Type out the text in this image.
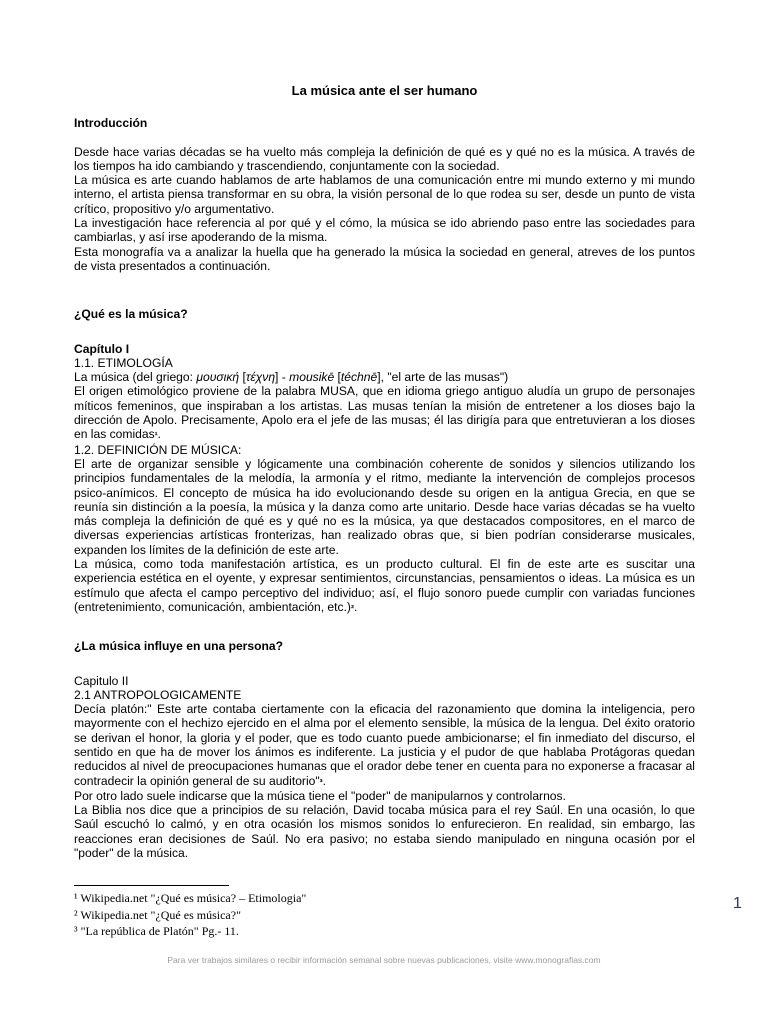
La música ante el ser humano

Introducción

Desde hace varias décadas se ha vuelto más compleja la definición de qué es y qué no es la música. A través de los tiempos ha ido cambiando y trascendiendo, conjuntamente con la sociedad.

La música es arte cuando hablamos de arte hablamos de una comunicación entre mi mundo externo y mi mundo interno, el artista piensa transformar en su obra, la visión personal de lo que rodea su ser, desde un punto de vista crítico, propositivo y/o argumentativo.

La investigación hace referencia al por qué y el cómo, la música se ido abriendo paso entre las sociedades para cambiarlas, y así irse apoderando de la misma.

Esta monografía va a analizar la huella que ha generado la música la sociedad en general, atreves de los puntos de vista presentados a continuación.

¿Qué es la música?

Capítulo I

1.1. ETIMOLOGÍA

La música (del griego: μουσική [τέχνη] - mousikē [téchnē], "el arte de las musas")

El origen etimológico proviene de la palabra MUSA, que en idioma griego antiguo aludía un grupo de personajes míticos femeninos, que inspiraban a los artistas. Las musas tenían la misión de entretener a los dioses bajo la dirección de Apolo. Precisamente, Apolo era el jefe de las musas; él las dirigía para que entretuvieran a los dioses en las comidas¹.

1.2. DEFINICIÓN DE MÚSICA:

El arte de organizar sensible y lógicamente una combinación coherente de sonidos y silencios utilizando los principios fundamentales de la melodía, la armonía y el ritmo, mediante la intervención de complejos procesos psico-anímicos. El concepto de música ha ido evolucionando desde su origen en la antigua Grecia, en que se reunía sin distinción a la poesía, la música y la danza como arte unitario. Desde hace varias décadas se ha vuelto más compleja la definición de qué es y qué no es la música, ya que destacados compositores, en el marco de diversas experiencias artísticas fronterizas, han realizado obras que, si bien podrían considerarse musicales, expanden los límites de la definición de este arte.

La música, como toda manifestación artística, es un producto cultural. El fin de este arte es suscitar una experiencia estética en el oyente, y expresar sentimientos, circunstancias, pensamientos o ideas. La música es un estímulo que afecta el campo perceptivo del individuo; así, el flujo sonoro puede cumplir con variadas funciones (entretenimiento, comunicación, ambientación, etc.)².

¿La música influye en una persona?

Capitulo II

2.1 ANTROPOLOGICAMENTE

Decía platón:" Este arte contaba ciertamente con la eficacia del razonamiento que domina la inteligencia, pero mayormente con el hechizo ejercido en el alma por el elemento sensible, la música de la lengua. Del éxito oratorio se derivan el honor, la gloria y el poder, que es todo cuanto puede ambicionarse; el fin inmediato del discurso, el sentido en que ha de mover los ánimos es indiferente. La justicia y el pudor de que hablaba Protágoras quedan reducidos al nivel de preocupaciones humanas que el orador debe tener en cuenta para no exponerse a fracasar al contradecir la opinión general de su auditorio"³.

Por otro lado suele indicarse que la música tiene el "poder" de manipularnos y controlarnos.

La Biblia nos dice que a principios de su relación, David tocaba música para el rey Saúl. En una ocasión, lo que Saúl escuchó lo calmó, y en otra ocasión los mismos sonidos lo enfurecieron. En realidad, sin embargo, las reacciones eran decisiones de Saúl. No era pasivo; no estaba siendo manipulado en ninguna ocasión por el "poder" de la música.

¹ Wikipedia.net "¿Qué es música? – Etimologia"
² Wikipedia.net "¿Qué es música?"
³ "La república de Platón" Pg.- 11.
1
Para ver trabajos similares o recibir información semanal sobre nuevas publicaciones, visite www.monografias.com
